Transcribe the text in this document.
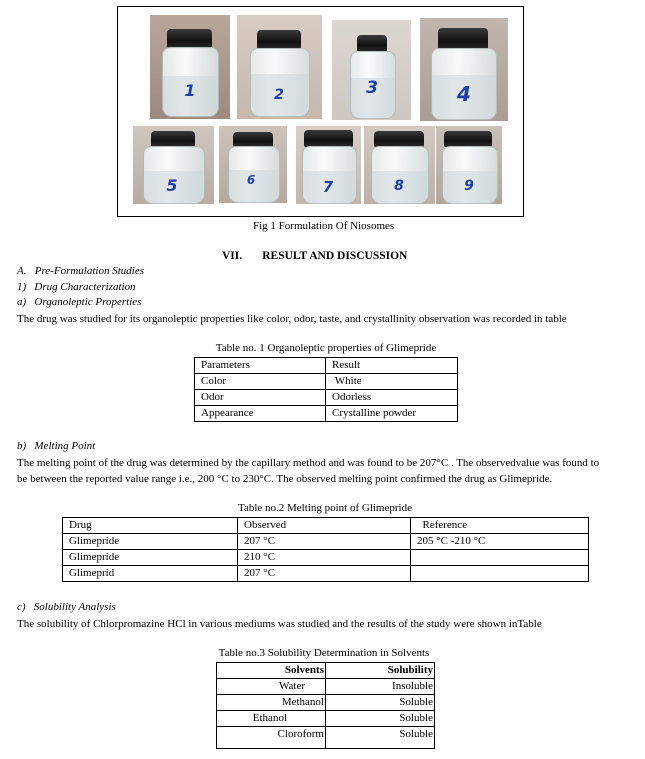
1	2	3	4
5	6	7	8	9
Fig 1 Formulation Of Niosomes
VII.       RESULT AND DISCUSSION
A.   Pre-Formulation Studies
1)   Drug Characterization
a)   Organoleptic Properties
The drug was studied for its organoleptic properties like color, odor, taste, and crystallinity observation was recorded in table
Table no. 1 Organoleptic properties of Glimepride
Parameters	Result
Color	White
Odor	Odorless
Appearance	Crystalline powder
b)   Melting Point
The melting point of the drug was determined by the capillary method and was found to be 207°C . The observedvalue was found to
be between the reported value range i.e., 200 °C to 230°C. The observed melting point confirmed the drug as Glimepride.
Table no.2 Melting point of Glimepride
Drug	Observed	Reference
Glimepride	207 °C	205 °C -210 °C
Glimepride	210 °C	
Glimeprid	207 °C	
c)   Solubility Analysis
The solubility of Chlorpromazine HCl in various mediums was studied and the results of the study were shown inTable
Table no.3 Solubility Determination in Solvents
Solvents	Solubility
Water	Insoluble
Methanol	Soluble
Ethanol	Soluble
Cloroform	Soluble
